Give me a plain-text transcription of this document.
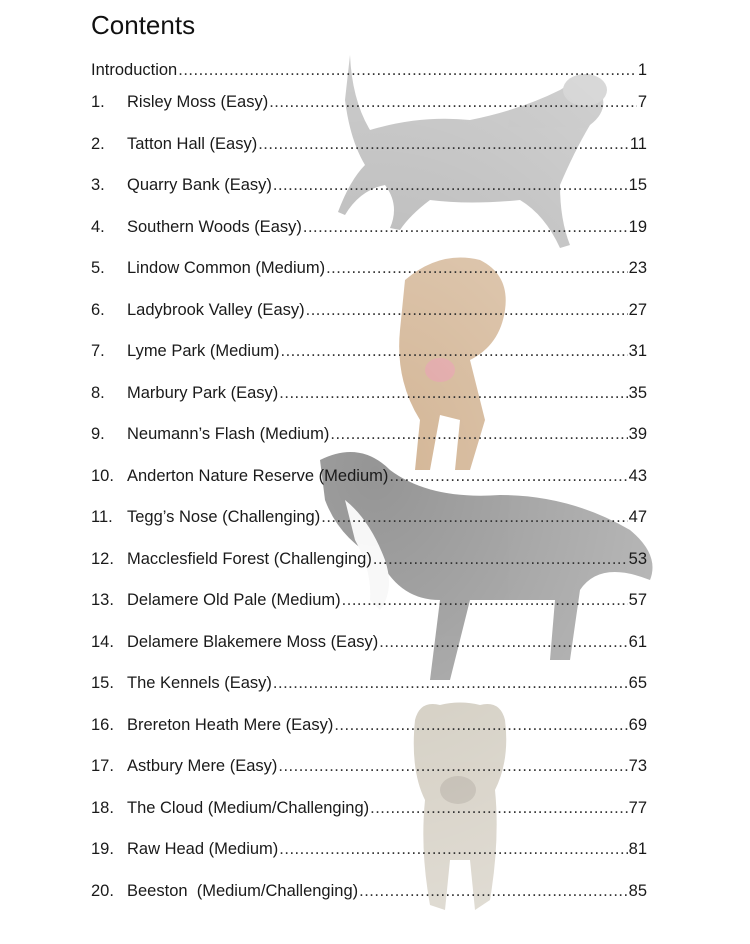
Contents
Introduction .....	1
1.	Risley Moss (Easy) .....	7
2.	Tatton Hall (Easy) .....	11
3.	Quarry Bank (Easy) .....	15
4.	Southern Woods (Easy) .....	19
5.	Lindow Common (Medium) .....	23
6.	Ladybrook Valley (Easy) .....	27
7.	Lyme Park (Medium) .....	31
8.	Marbury Park (Easy) .....	35
9.	Neumann’s Flash (Medium) .....	39
10. Anderton Nature Reserve (Medium) .....	43
11. Tegg’s Nose (Challenging) .....	47
12. Macclesfield Forest (Challenging) .....	53
13. Delamere Old Pale (Medium) .....	57
14. Delamere Blakemere Moss (Easy) .....	61
15. The Kennels (Easy) .....	65
16. Brereton Heath Mere (Easy) .....	69
17. Astbury Mere (Easy) .....	73
18. The Cloud (Medium/Challenging) .....	77
19. Raw Head (Medium) .....	81
20. Beeston  (Medium/Challenging) .....	85
